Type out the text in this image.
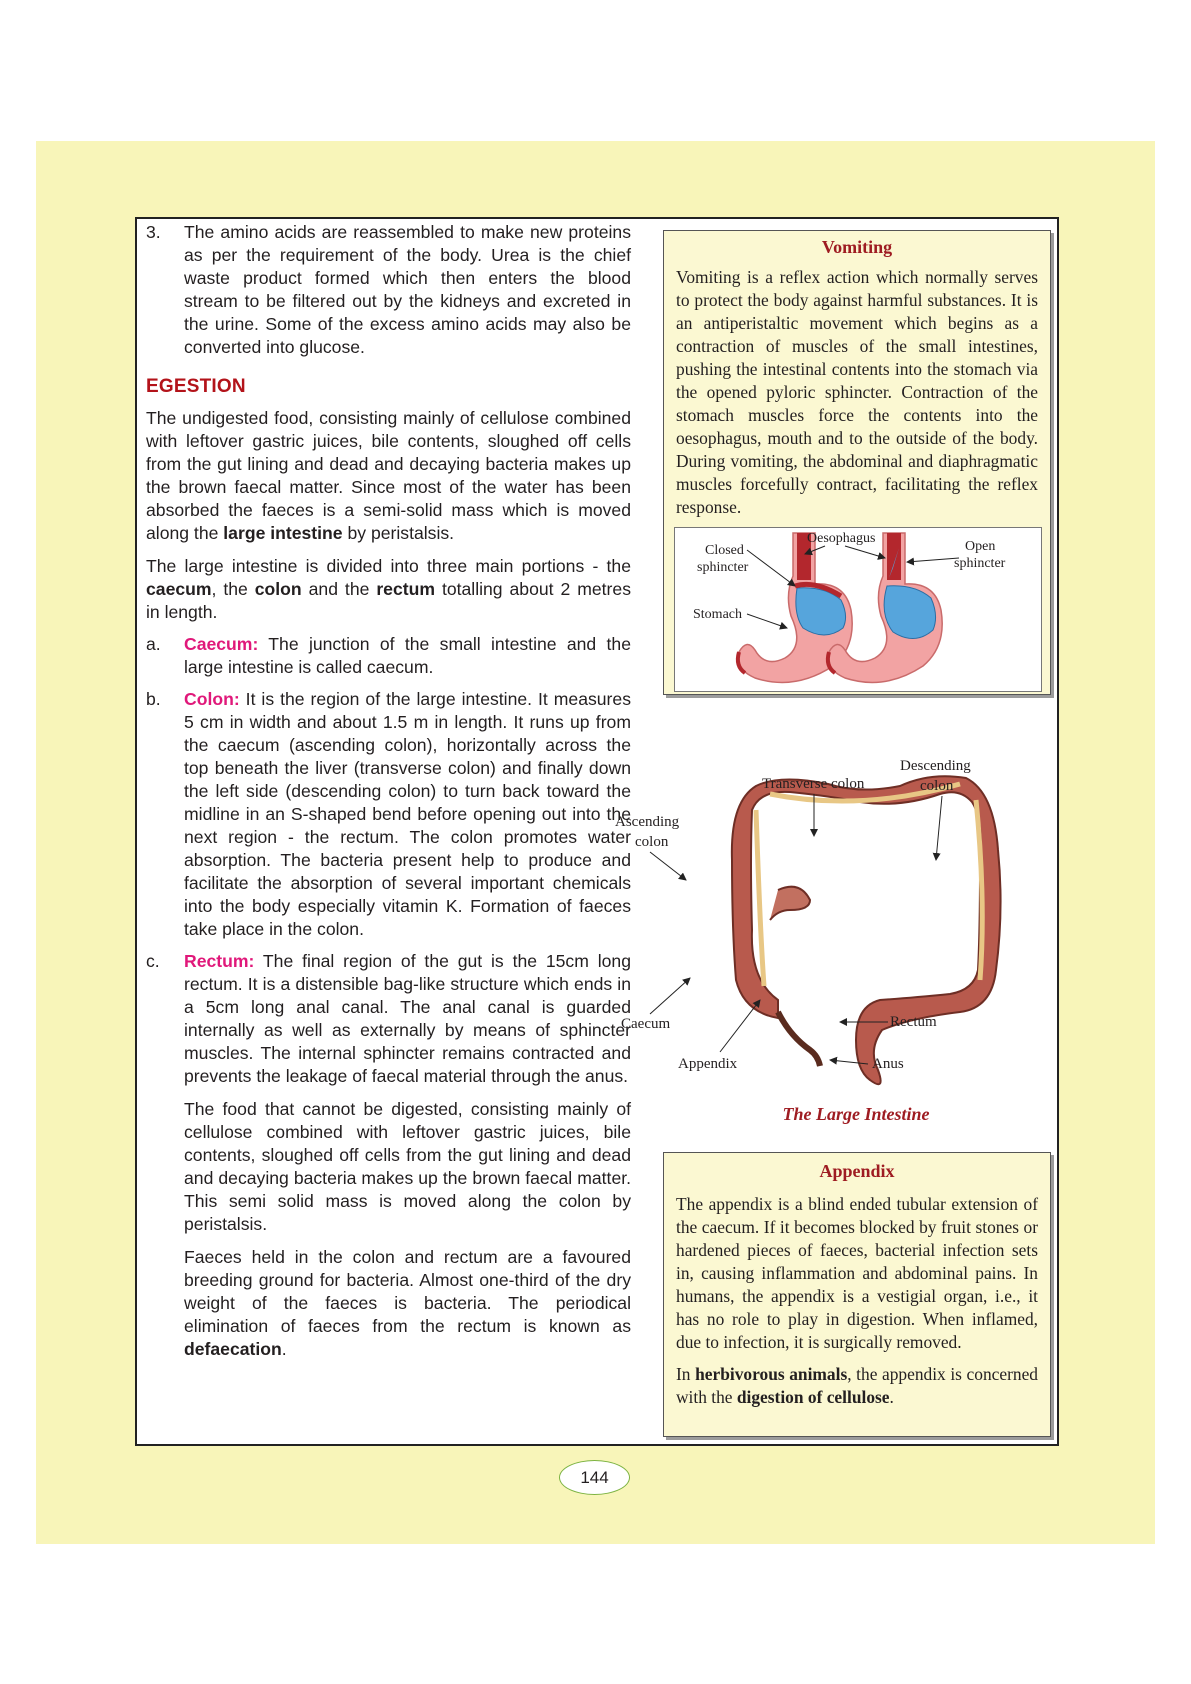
3. The amino acids are reassembled to make new proteins as per the requirement of the body. Urea is the chief waste product formed which then enters the blood stream to be filtered out by the kidneys and excreted in the urine. Some of the excess amino acids may also be converted into glucose.
EGESTION

The undigested food, consisting mainly of cellulose combined with leftover gastric juices, bile contents, sloughed off cells from the gut lining and dead and decaying bacteria makes up the brown faecal matter. Since most of the water has been absorbed the faeces is a semi-solid mass which is moved along the large intestine by peristalsis.

The large intestine is divided into three main portions - the caecum, the colon and the rectum totalling about 2 metres in length.

a. Caecum: The junction of the small intestine and the large intestine is called caecum.
b. Colon: It is the region of the large intestine. It measures 5 cm in width and about 1.5 m in length. It runs up from the caecum (ascending colon), horizontally across the top beneath the liver (transverse colon) and finally down the left side (descending colon) to turn back toward the midline in an S-shaped bend before opening out into the next region - the rectum. The colon promotes water absorption. The bacteria present help to produce and facilitate the absorption of several important chemicals into the body especially vitamin K. Formation of faeces take place in the colon.
c. Rectum: The final region of the gut is the 15cm long rectum. It is a distensible bag-like structure which ends in a 5cm long anal canal. The anal canal is guarded internally as well as externally by means of sphincter muscles. The internal sphincter remains contracted and prevents the leakage of faecal material through the anus.

The food that cannot be digested, consisting mainly of cellulose combined with leftover gastric juices, bile contents, sloughed off cells from the gut lining and dead and decaying bacteria makes up the brown faecal matter. This semi solid mass is moved along the colon by peristalsis.

Faeces held in the colon and rectum are a favoured breeding ground for bacteria. Almost one-third of the dry weight of the faeces is bacteria. The periodical elimination of faeces from the rectum is known as defaecation.

Vomiting

Vomiting is a reflex action which normally serves to protect the body against harmful substances. It is an antiperistaltic movement which begins as a contraction of muscles of the small intestines, pushing the intestinal contents into the stomach via the opened pyloric sphincter. Contraction of the stomach muscles force the contents into the oesophagus, mouth and to the outside of the body. During vomiting, the abdominal and diaphragmatic muscles forcefully contract, facilitating the reflex response.

Oesophagus
Closed
sphincter
Open
sphincter
Stomach
Transverse colon
Descending
colon
Ascending
colon
Caecum
Appendix
Rectum
Anus
The Large Intestine
Appendix

The appendix is a blind ended tubular extension of the caecum. If it becomes blocked by fruit stones or hardened pieces of faeces, bacterial infection sets in, causing inflammation and abdominal pains. In humans, the appendix is a vestigial organ, i.e., it has no role to play in digestion. When inflamed, due to infection, it is surgically removed.

In herbivorous animals, the appendix is concerned with the digestion of cellulose.

144
